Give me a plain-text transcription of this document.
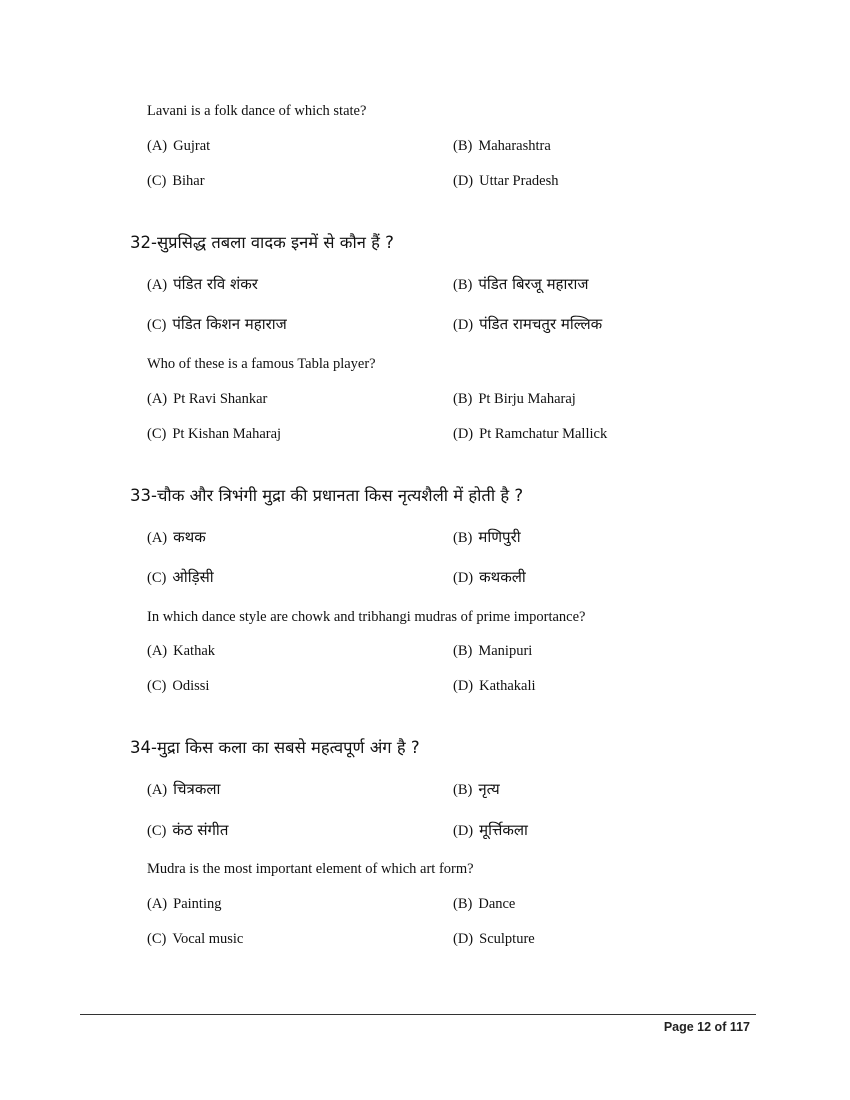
Lavani is a folk dance of which state?
(A) Gujrat	(B) Maharashtra
(C) Bihar	(D) Uttar Pradesh
32-सुप्रसिद्ध तबला वादक इनमें से कौन हैं ?
(A) पंडित रवि शंकर	(B) पंडित बिरजू महाराज
(C) पंडित किशन महाराज	(D) पंडित रामचतुर मल्लिक
Who of these is a famous Tabla player?
(A) Pt Ravi Shankar	(B) Pt Birju Maharaj
(C) Pt Kishan Maharaj	(D) Pt Ramchatur Mallick
33-चौक और त्रिभंगी मुद्रा की प्रधानता किस नृत्यशैली में होती है ?
(A) कथक	(B) मणिपुरी
(C) ओड़िसी	(D) कथकली
In which dance style are chowk and tribhangi mudras of prime importance?
(A) Kathak	(B) Manipuri
(C) Odissi	(D) Kathakali
34-मुद्रा किस कला का सबसे महत्वपूर्ण अंग है ?
(A) चित्रकला	(B) नृत्य
(C) कंठ संगीत	(D) मूर्त्तिकला
Mudra is the most important element of which art form?
(A) Painting	(B) Dance
(C) Vocal music	(D) Sculpture
Page 12 of 117
